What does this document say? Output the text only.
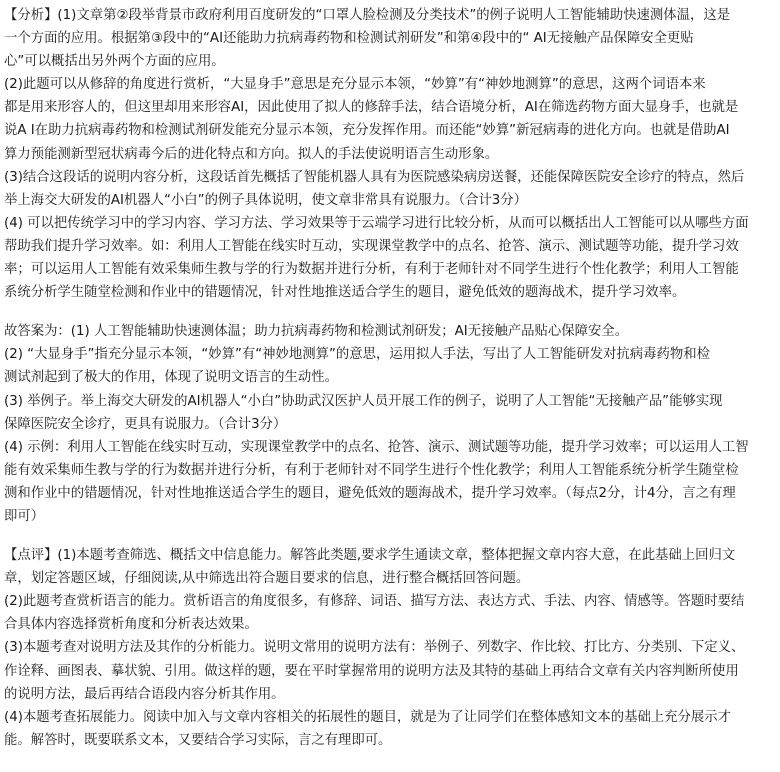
【分析】(1)文章第②段举背景市政府利用百度研发的“口罩人脸检测及分类技术”的例子说明人工智能辅助快速测体温，这是
一个方面的应用。根据第③段中的“AI还能助力抗病毒药物和检测试剂研发”和第④段中的“ AI无接触产品保障安全更贴
心”可以概括出另外两个方面的应用。
(2)此题可以从修辞的角度进行赏析，“大显身手”意思是充分显示本领，“妙算”有“神妙地测算”的意思，这两个词语本来
都是用来形容人的，但这里却用来形容AI，因此使用了拟人的修辞手法，结合语境分析，AI在筛选药物方面大显身手，也就是
说A I在助力抗病毒药物和检测试剂研发能充分显示本领，充分发挥作用。而还能“妙算”新冠病毒的进化方向。也就是借助AI
算力预能测新型冠状病毒今后的进化特点和方向。拟人的手法使说明语言生动形象。
(3)结合这段话的说明内容分析，这段话首先概括了智能机器人具有为医院感染病房送餐，还能保障医院安全诊疗的特点，然后
举上海交大研发的AI机器人“小白”的例子具体说明，使文章非常具有说服力。（合计3分）
(4) 可以把传统学习中的学习内容、学习方法、学习效果等于云端学习进行比较分析，从而可以概括出人工智能可以从哪些方面
帮助我们提升学习效率。如：利用人工智能在线实时互动，实现课堂教学中的点名、抢答、演示、测试题等功能，提升学习效
率；可以运用人工智能有效采集师生教与学的行为数据并进行分析，有利于老师针对不同学生进行个性化教学；利用人工智能
系统分析学生随堂检测和作业中的错题情况，针对性地推送适合学生的题目，避免低效的题海战术，提升学习效率。
故答案为：(1) 人工智能辅助快速测体温；助力抗病毒药物和检测试剂研发；AI无接触产品贴心保障安全。
(2) “大显身手”指充分显示本领，“妙算”有“神妙地测算”的意思，运用拟人手法，写出了人工智能研发对抗病毒药物和检
测试剂起到了极大的作用，体现了说明文语言的生动性。
(3) 举例子。举上海交大研发的AI机器人“小白”协助武汉医护人员开展工作的例子，说明了人工智能“无接触产品”能够实现
保障医院安全诊疗，更具有说服力。（合计3分）
(4) 示例：利用人工智能在线实时互动，实现课堂教学中的点名、抢答、演示、测试题等功能，提升学习效率；可以运用人工智
能有效采集师生教与学的行为数据并进行分析，有利于老师针对不同学生进行个性化教学；利用人工智能系统分析学生随堂检
测和作业中的错题情况，针对性地推送适合学生的题目，避免低效的题海战术，提升学习效率。（每点2分，计4分，言之有理
即可）
【点评】(1)本题考查筛选、概括文中信息能力。解答此类题,要求学生通读文章，整体把握文章内容大意，在此基础上回归文
章，划定答题区域，仔细阅读,从中筛选出符合题目要求的信息，进行整合概括回答问题。
(2)此题考查赏析语言的能力。赏析语言的角度很多，有修辞、词语、描写方法、表达方式、手法、内容、情感等。答题时要结
合具体内容选择赏析角度和分析表达效果。
(3)本题考查对说明方法及其作的分析能力。说明文常用的说明方法有：举例子、列数字、作比较、打比方、分类别、下定义、
作诠释、画图表、摹状貌、引用。做这样的题，要在平时掌握常用的说明方法及其特的基础上再结合文章有关内容判断所使用
的说明方法，最后再结合语段内容分析其作用。
(4)本题考查拓展能力。阅读中加入与文章内容相关的拓展性的题目，就是为了让同学们在整体感知文本的基础上充分展示才
能。解答时，既要联系文本，又要结合学习实际，言之有理即可。
